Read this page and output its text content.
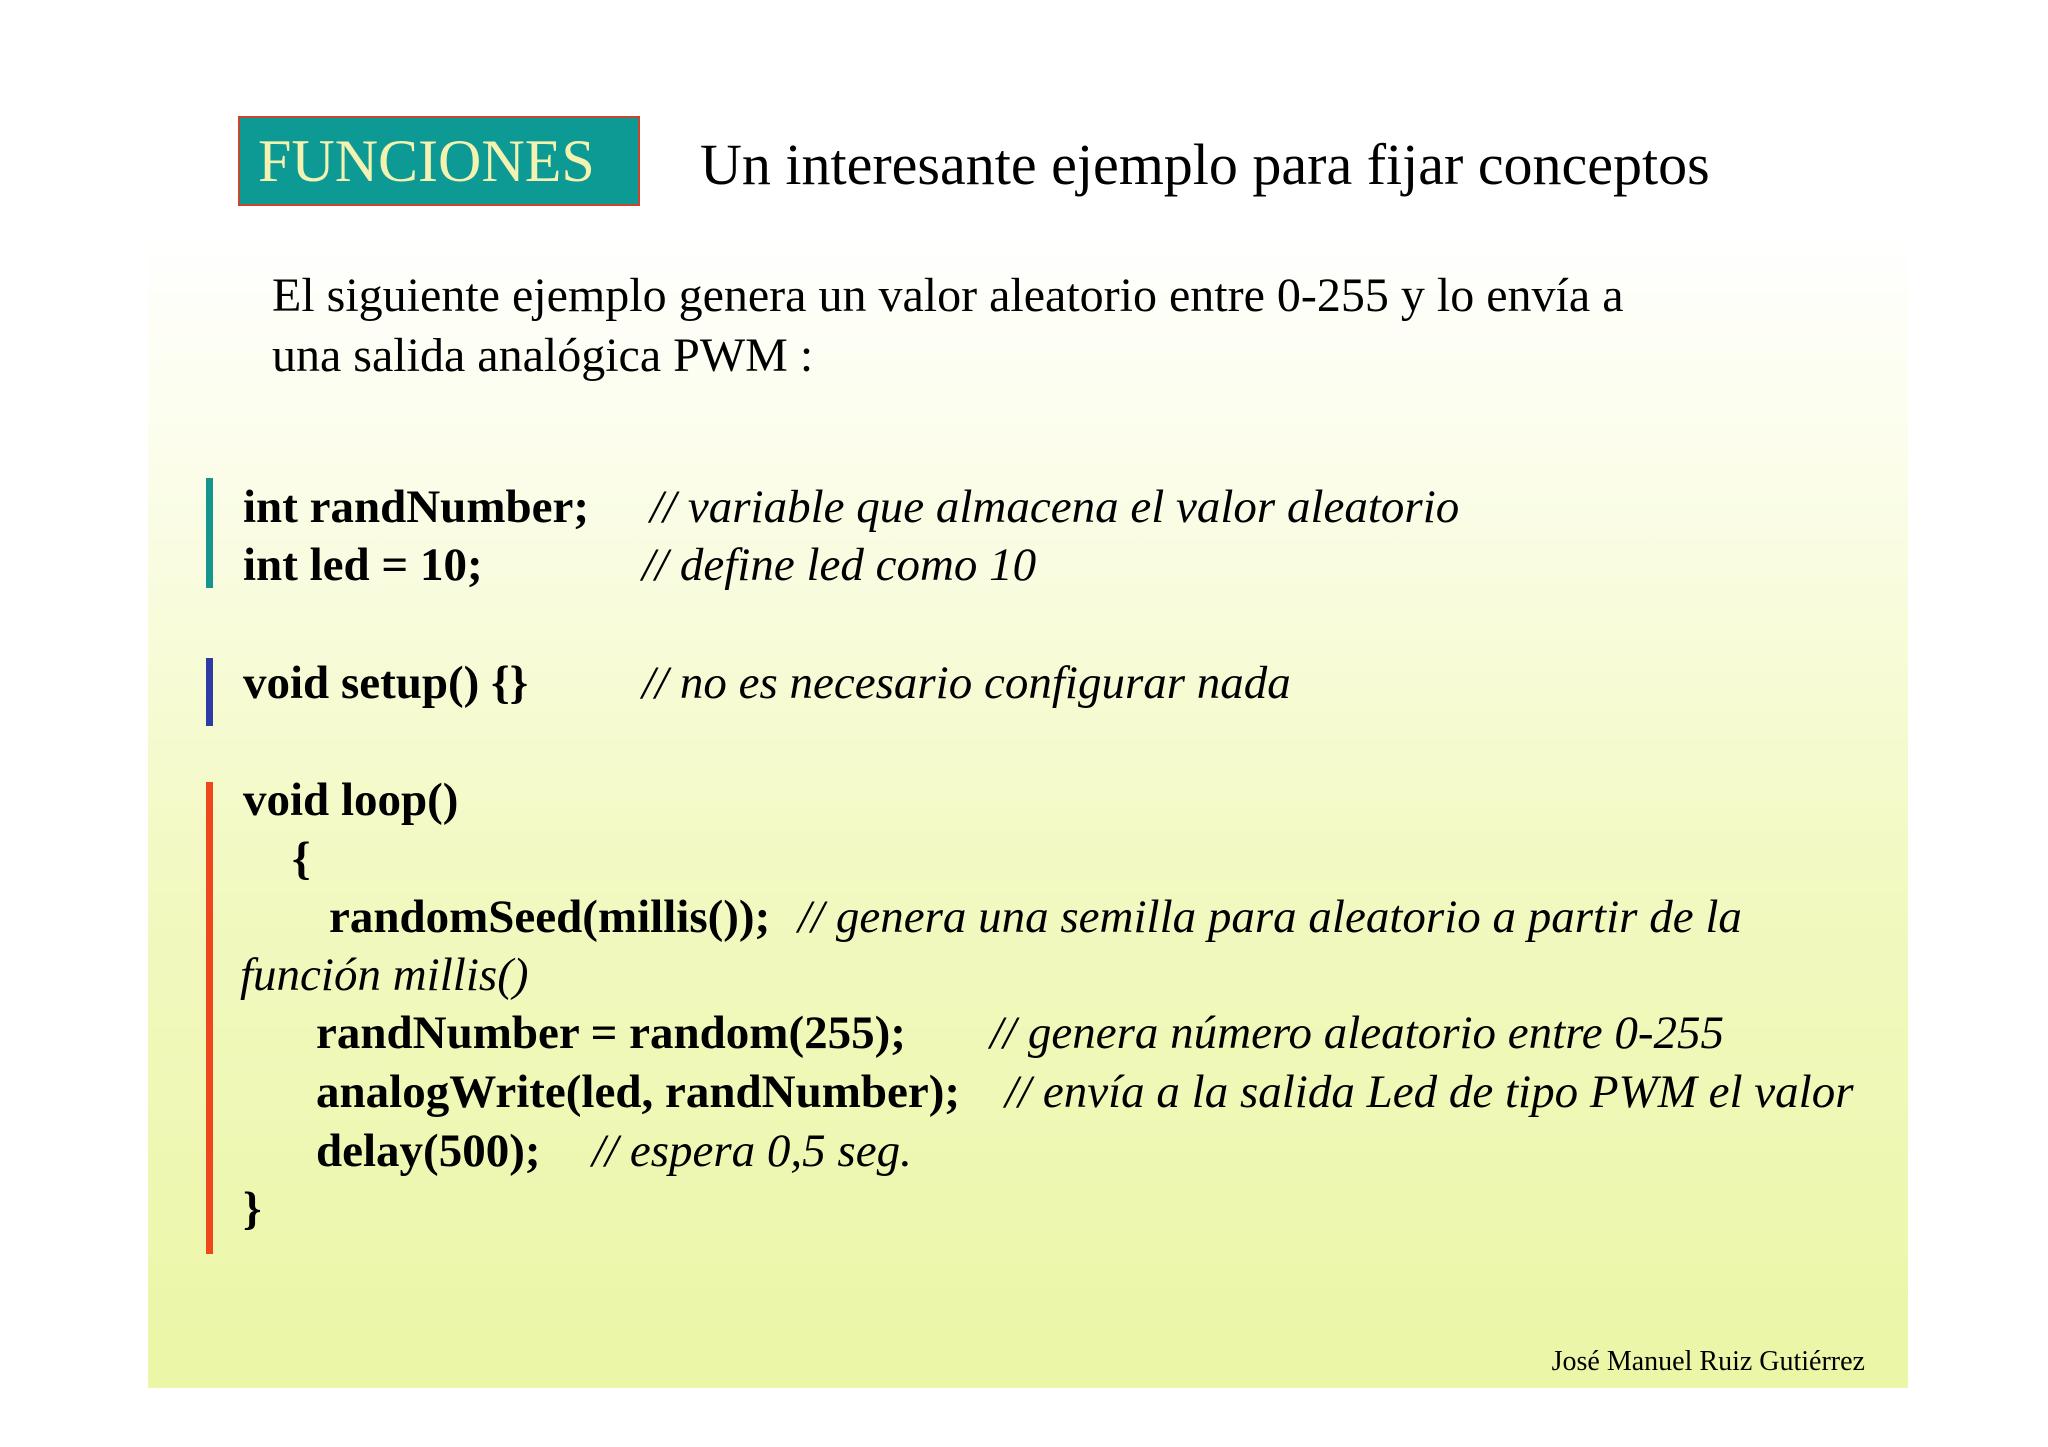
FUNCIONES	Un interesante ejemplo para fijar conceptos
El siguiente ejemplo genera un valor aleatorio entre 0-255 y lo envía a
una salida analógica PWM :
int randNumber; // variable que almacena el valor aleatorio
int led = 10;	// define led como 10
void setup() {} // no es necesario configurar nada
void loop()
{
randomSeed(millis()); // genera una semilla para aleatorio a partir de la
función millis()
randNumber = random(255); // genera número aleatorio entre 0-255
analogWrite(led, randNumber); // envía a la salida Led de tipo PWM el valor
delay(500); // espera 0,5 seg.
}
José Manuel Ruiz Gutiérrez
